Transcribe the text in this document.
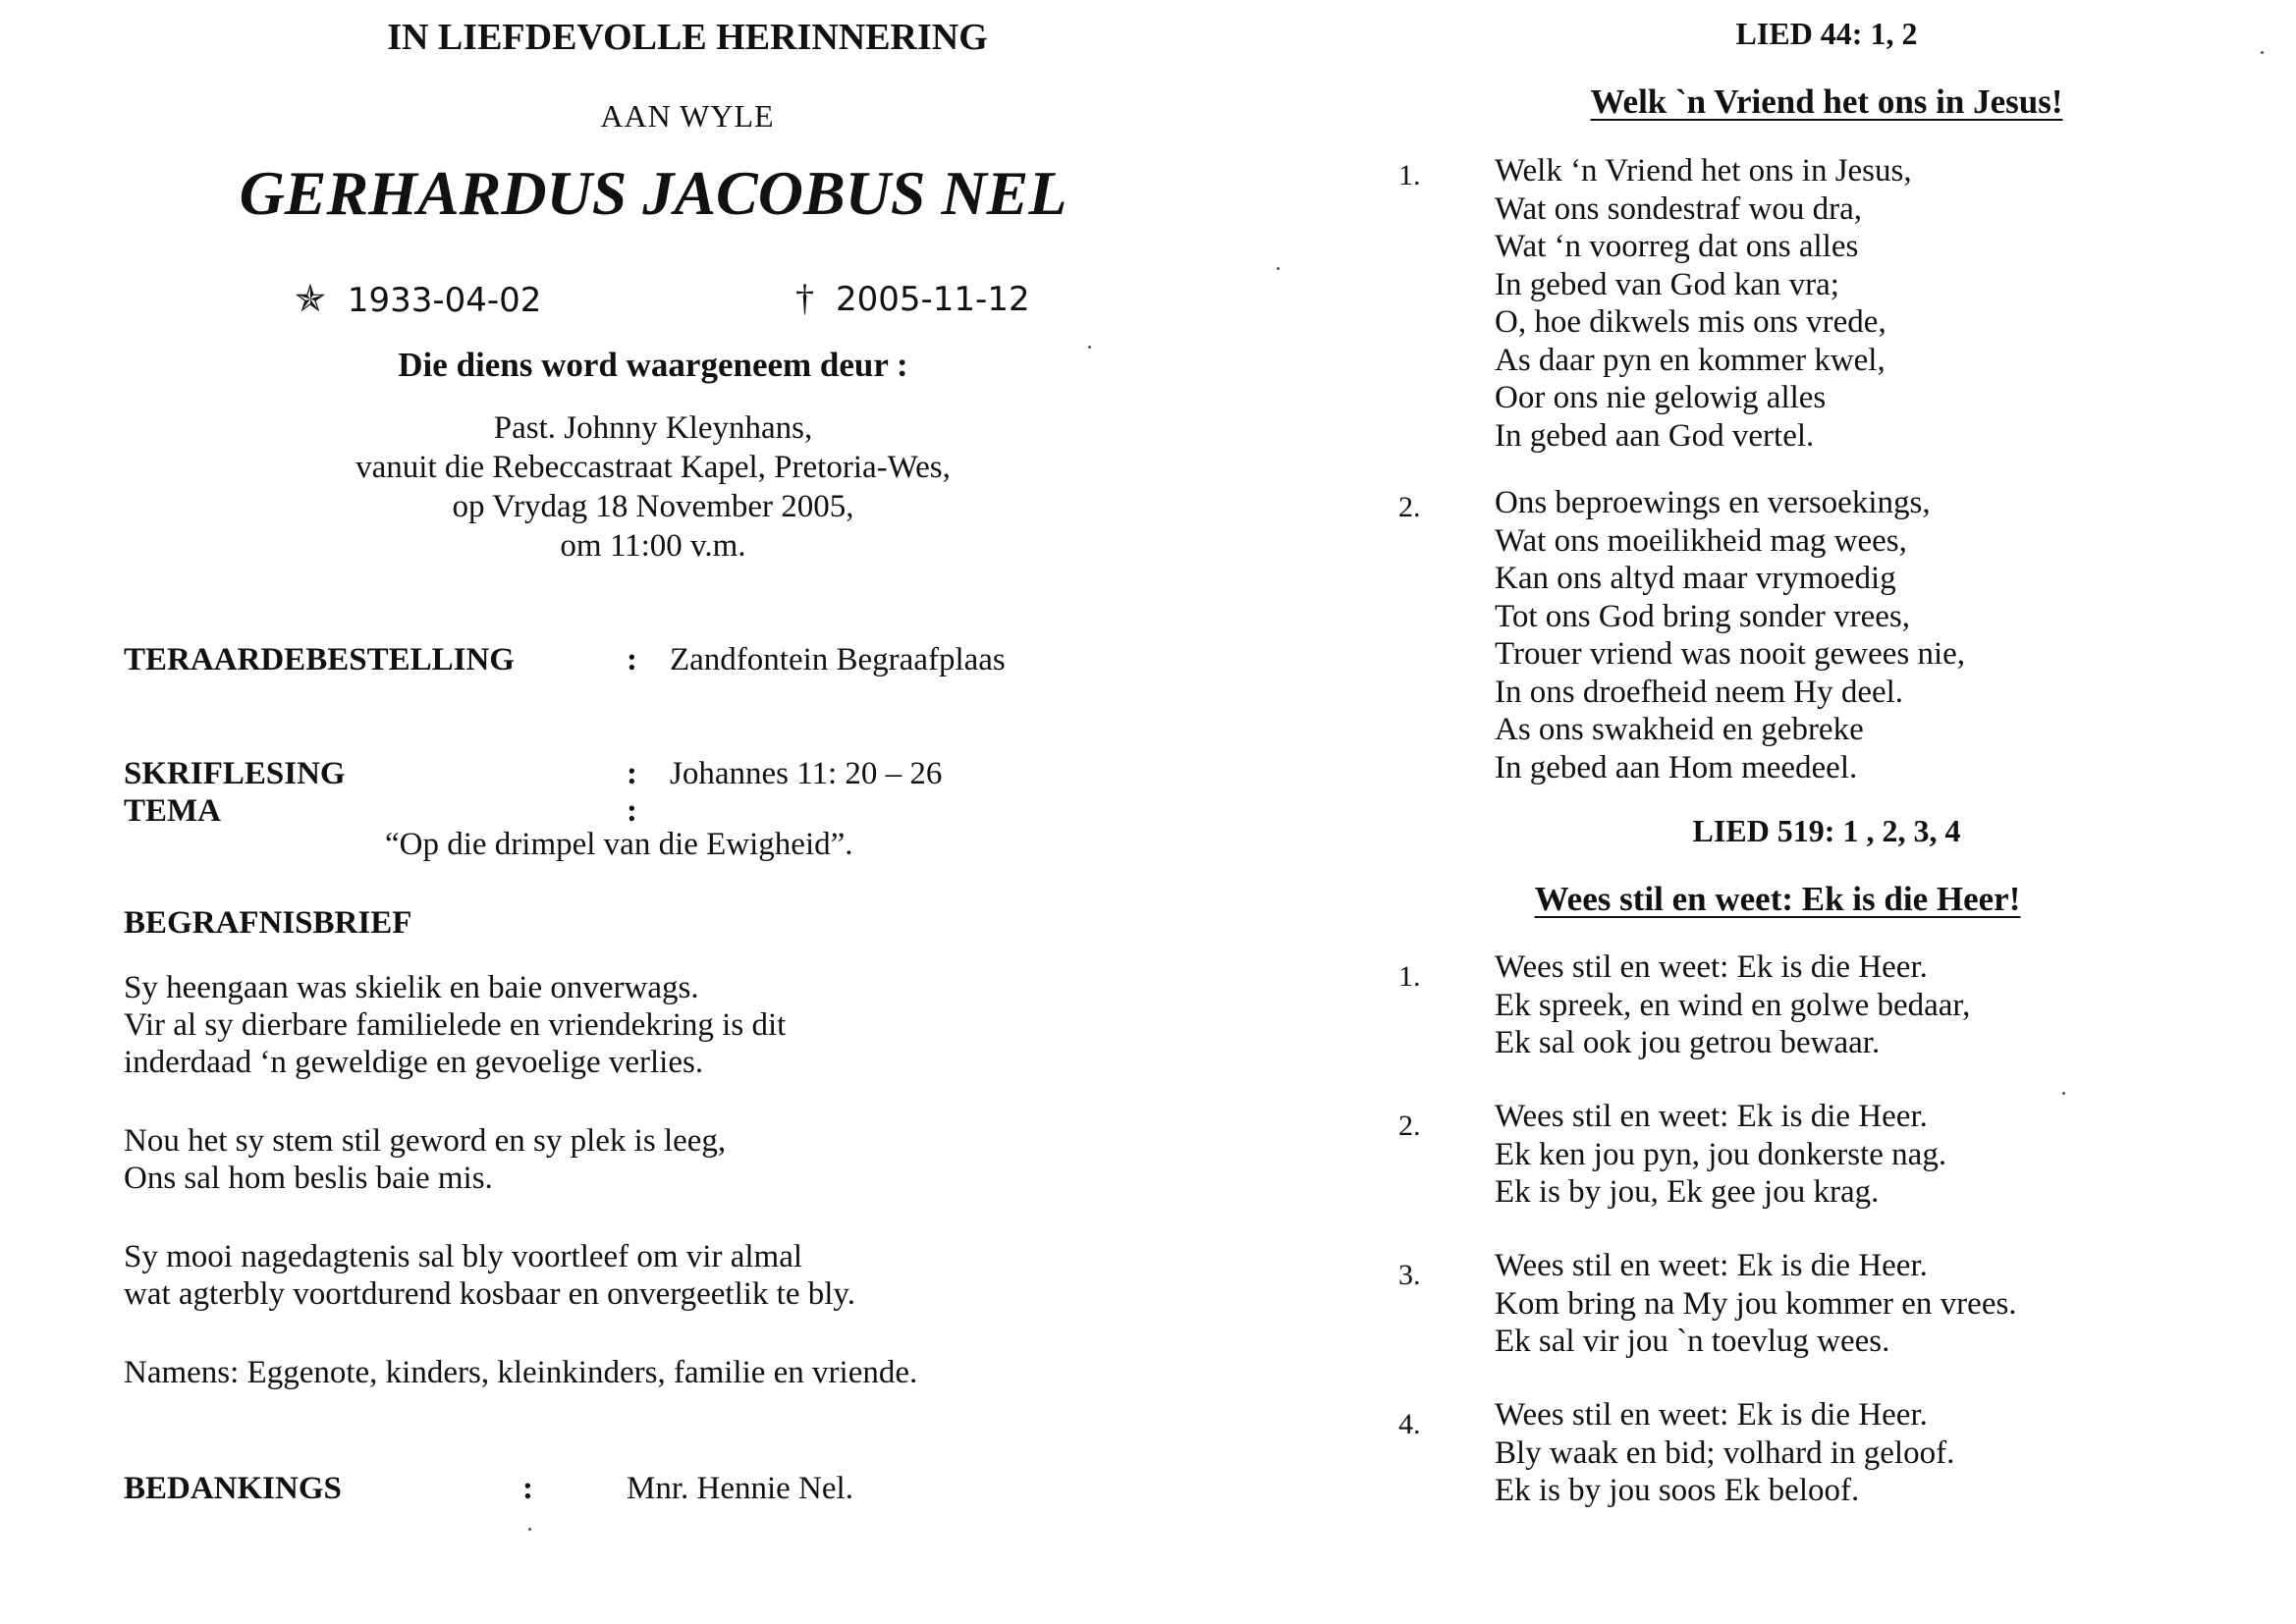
IN LIEFDEVOLLE HERINNERING
AAN WYLE
GERHARDUS JACOBUS NEL
✯ 1933-04-02	† 2005-11-12
Die diens word waargeneem deur :
Past. Johnny Kleynhans,
vanuit die Rebeccastraat Kapel, Pretoria-Wes,
op Vrydag 18 November 2005,
om 11:00 v.m.
TERAARDEBESTELLING	: Zandfontein Begraafplaas
SKRIFLESING	: Johannes 11: 20 – 26
TEMA	:
“Op die drimpel van die Ewigheid”.
BEGRAFNISBRIEF
Sy heengaan was skielik en baie onverwags.
Vir al sy dierbare familielede en vriendekring is dit
inderdaad ‘n geweldige en gevoelige verlies.
Nou het sy stem stil geword en sy plek is leeg,
Ons sal hom beslis baie mis.
Sy mooi nagedagtenis sal bly voortleef om vir almal
wat agterbly voortdurend kosbaar en onvergeetlik te bly.
Namens: Eggenote, kinders, kleinkinders, familie en vriende.
BEDANKINGS	:	Mnr. Hennie Nel.
LIED 44: 1, 2
Welk `n Vriend het ons in Jesus!
1. Welk ‘n Vriend het ons in Jesus,
Wat ons sondestraf wou dra,
Wat ‘n voorreg dat ons alles
In gebed van God kan vra;
O, hoe dikwels mis ons vrede,
As daar pyn en kommer kwel,
Oor ons nie gelowig alles
In gebed aan God vertel.
2. Ons beproewings en versoekings,
Wat ons moeilikheid mag wees,
Kan ons altyd maar vrymoedig
Tot ons God bring sonder vrees,
Trouer vriend was nooit gewees nie,
In ons droefheid neem Hy deel.
As ons swakheid en gebreke
In gebed aan Hom meedeel.
LIED 519: 1 , 2, 3, 4
Wees stil en weet: Ek is die Heer!
1. Wees stil en weet: Ek is die Heer.
Ek spreek, en wind en golwe bedaar,
Ek sal ook jou getrou bewaar.
2. Wees stil en weet: Ek is die Heer.
Ek ken jou pyn, jou donkerste nag.
Ek is by jou, Ek gee jou krag.
3. Wees stil en weet: Ek is die Heer.
Kom bring na My jou kommer en vrees.
Ek sal vir jou `n toevlug wees.
4. Wees stil en weet: Ek is die Heer.
Bly waak en bid; volhard in geloof.
Ek is by jou soos Ek beloof.
